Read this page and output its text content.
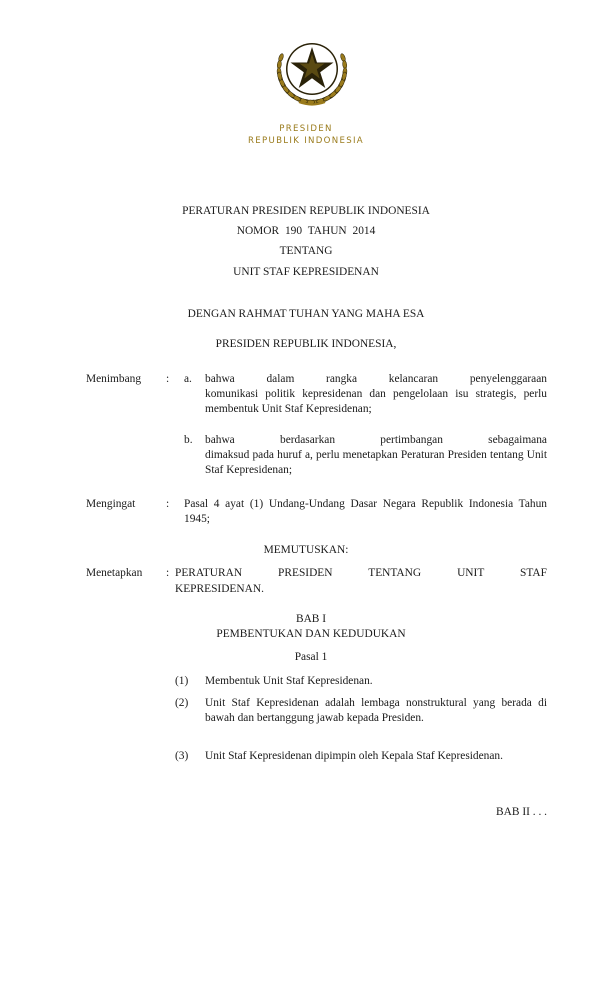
PRESIDEN
REPUBLIK INDONESIA
PERATURAN PRESIDEN REPUBLIK INDONESIA
NOMOR 190 TAHUN 2014
TENTANG
UNIT STAF KEPRESIDENAN
DENGAN RAHMAT TUHAN YANG MAHA ESA
PRESIDEN REPUBLIK INDONESIA,
Menimbang : a. bahwa dalam rangka kelancaran penyelenggaraan
komunikasi politik kepresidenan dan pengelolaan isu strategis, perlu membentuk Unit Staf Kepresidenan;
b. bahwa berdasarkan pertimbangan sebagaimana
dimaksud pada huruf a, perlu menetapkan Peraturan Presiden tentang Unit Staf Kepresidenan;
Mengingat	: Pasal 4 ayat (1) Undang-Undang Dasar Negara Republik Indonesia Tahun 1945;
MEMUTUSKAN:
Menetapkan : PERATURAN PRESIDEN TENTANG UNIT STAF
KEPRESIDENAN.
BAB I
PEMBENTUKAN DAN KEDUDUKAN
Pasal 1
(1) Membentuk Unit Staf Kepresidenan.
(2) Unit Staf Kepresidenan adalah lembaga nonstruktural yang berada di bawah dan bertanggung jawab kepada Presiden.
(3) Unit Staf Kepresidenan dipimpin oleh Kepala Staf Kepresidenan.
BAB II . . .
